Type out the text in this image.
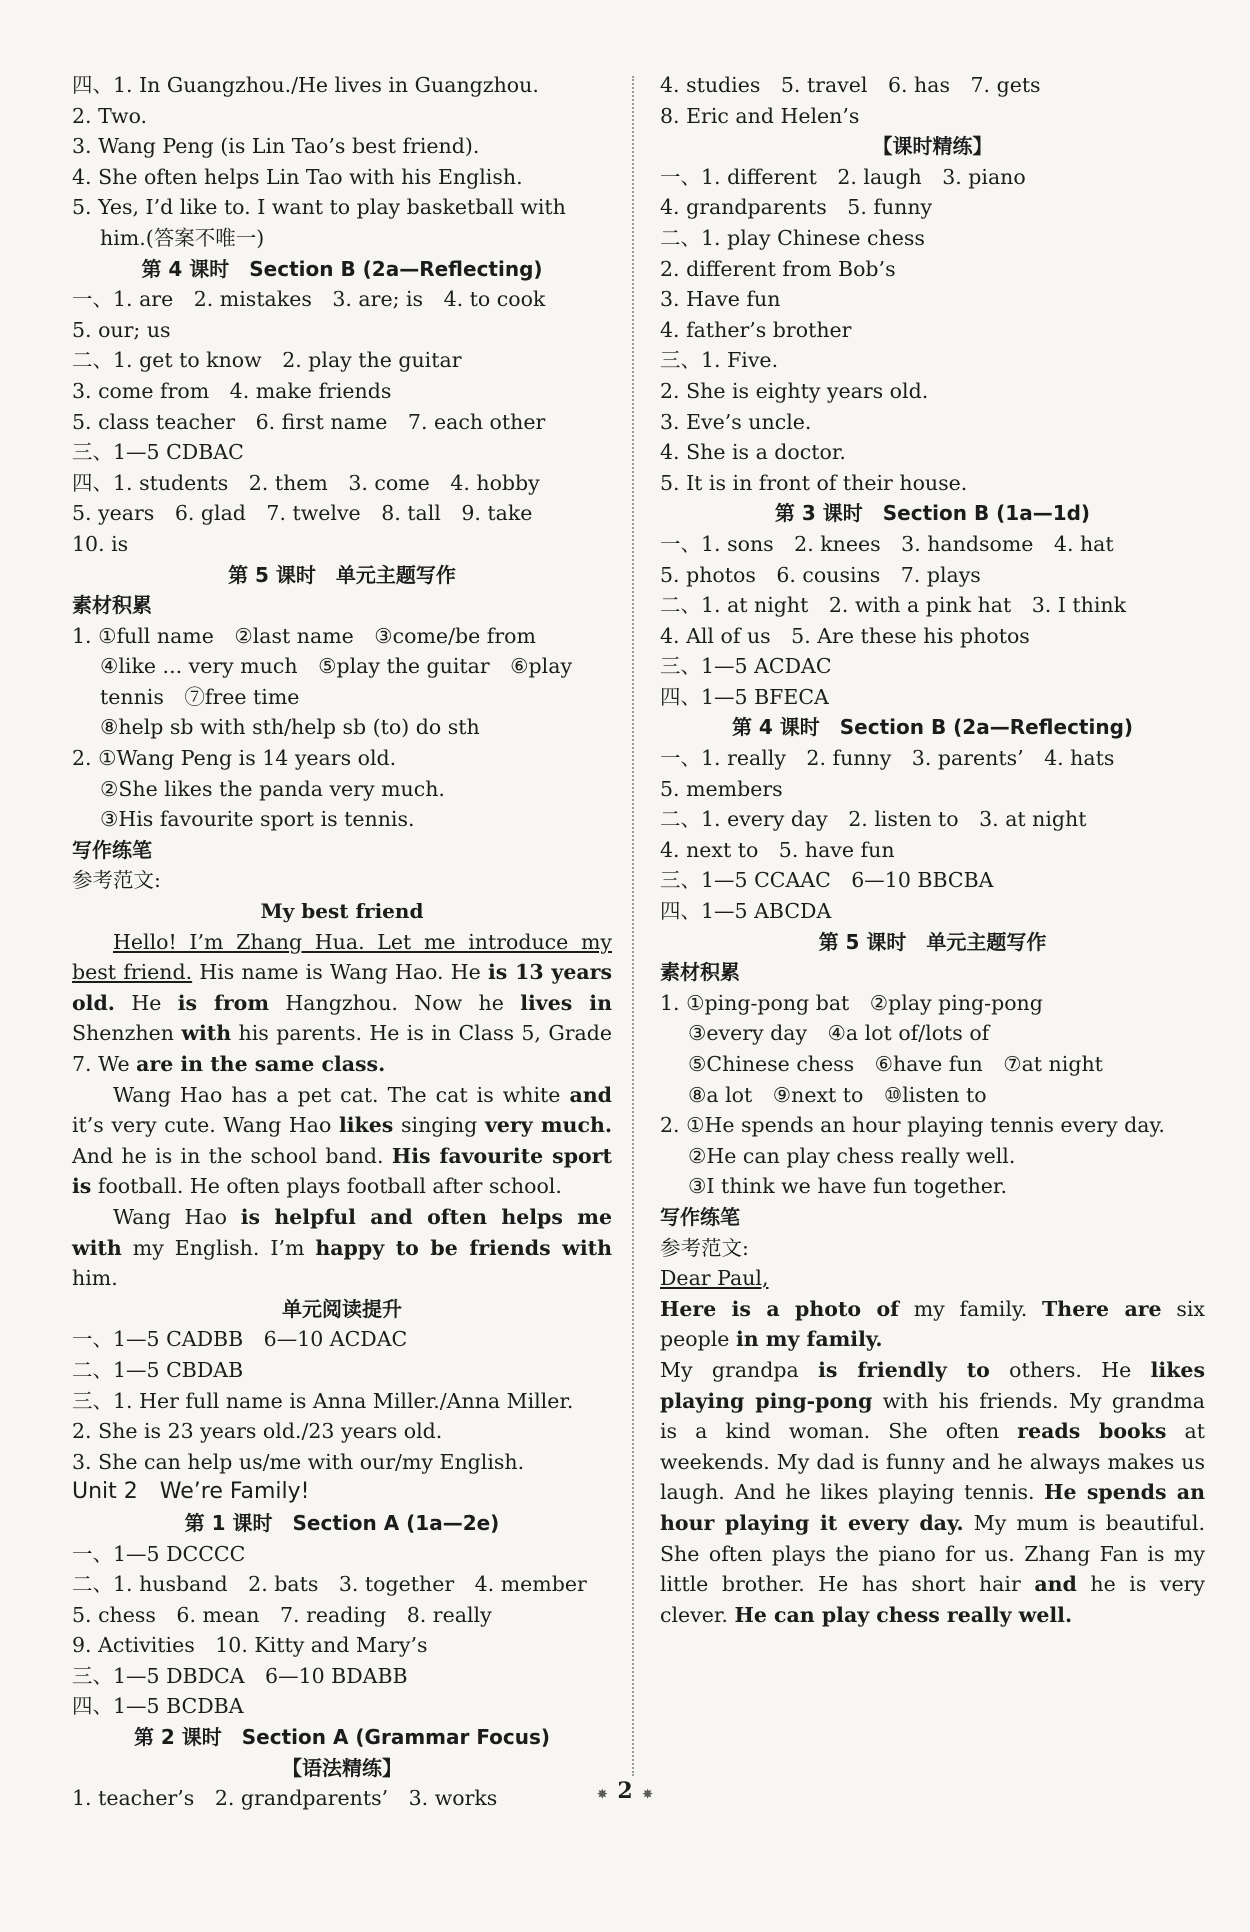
四、1. In Guangzhou./He lives in Guangzhou.
2. Two.
3. Wang Peng (is Lin Tao’s best friend).
4. She often helps Lin Tao with his English.
5. Yes, I’d like to. I want to play basketball with
him.(答案不唯一)
第 4 课时　Section B (2a—Reflecting)
一、1. are　2. mistakes　3. are; is　4. to cook
5. our; us
二、1. get to know　2. play the guitar
3. come from　4. make friends
5. class teacher　6. first name　7. each other
三、1—5 CDBAC
四、1. students　2. them　3. come　4. hobby
5. years　6. glad　7. twelve　8. tall　9. take
10. is
第 5 课时　单元主题写作
素材积累
1. ①full name　②last name　③come/be from
④like ... very much　⑤play the guitar　⑥play
tennis　⑦free time
⑧help sb with sth/help sb (to) do sth
2. ①Wang Peng is 14 years old.
②She likes the panda very much.
③His favourite sport is tennis.
写作练笔
参考范文:
My best friend
Hello! I’m Zhang Hua. Let me introduce my best friend. His name is Wang Hao. He is 13 years old. He is from Hangzhou. Now he lives in Shenzhen with his parents. He is in Class 5, Grade 7. We are in the same class.
Wang Hao has a pet cat. The cat is white and it’s very cute. Wang Hao likes singing very much. And he is in the school band. His favourite sport is football. He often plays football after school.
Wang Hao is helpful and often helps me with my English. I’m happy to be friends with him.
单元阅读提升
一、1—5 CADBB　6—10 ACDAC
二、1—5 CBDAB
三、1. Her full name is Anna Miller./Anna Miller.
2. She is 23 years old./23 years old.
3. She can help us/me with our/my English.
Unit 2　We’re Family!
第 1 课时　Section A (1a—2e)
一、1—5 DCCCC
二、1. husband　2. bats　3. together　4. member
5. chess　6. mean　7. reading　8. really
9. Activities　10. Kitty and Mary’s
三、1—5 DBDCA　6—10 BDABB
四、1—5 BCDBA
第 2 课时　Section A (Grammar Focus)
【语法精练】
1. teacher’s　2. grandparents’　3. works
4. studies　5. travel　6. has　7. gets
8. Eric and Helen’s
【课时精练】
一、1. different　2. laugh　3. piano
4. grandparents　5. funny
二、1. play Chinese chess
2. different from Bob’s
3. Have fun
4. father’s brother
三、1. Five.
2. She is eighty years old.
3. Eve’s uncle.
4. She is a doctor.
5. It is in front of their house.
第 3 课时　Section B (1a—1d)
一、1. sons　2. knees　3. handsome　4. hat
5. photos　6. cousins　7. plays
二、1. at night　2. with a pink hat　3. I think
4. All of us　5. Are these his photos
三、1—5 ACDAC
四、1—5 BFECA
第 4 课时　Section B (2a—Reflecting)
一、1. really　2. funny　3. parents’　4. hats
5. members
二、1. every day　2. listen to　3. at night
4. next to　5. have fun
三、1—5 CCAAC　6—10 BBCBA
四、1—5 ABCDA
第 5 课时　单元主题写作
素材积累
1. ①ping-pong bat　②play ping-pong
③every day　④a lot of/lots of
⑤Chinese chess　⑥have fun　⑦at night
⑧a lot　⑨next to　⑩listen to
2. ①He spends an hour playing tennis every day.
②He can play chess really well.
③I think we have fun together.
写作练笔
参考范文:
Dear Paul,
Here is a photo of my family. There are six people in my family.
My grandpa is friendly to others. He likes playing ping-pong with his friends. My grandma is a kind woman. She often reads books at weekends. My dad is funny and he always makes us laugh. And he likes playing tennis. He spends an hour playing it every day. My mum is beautiful. She often plays the piano for us. Zhang Fan is my little brother. He has short hair and he is very clever. He can play chess really well.
✵ 2 ✵
